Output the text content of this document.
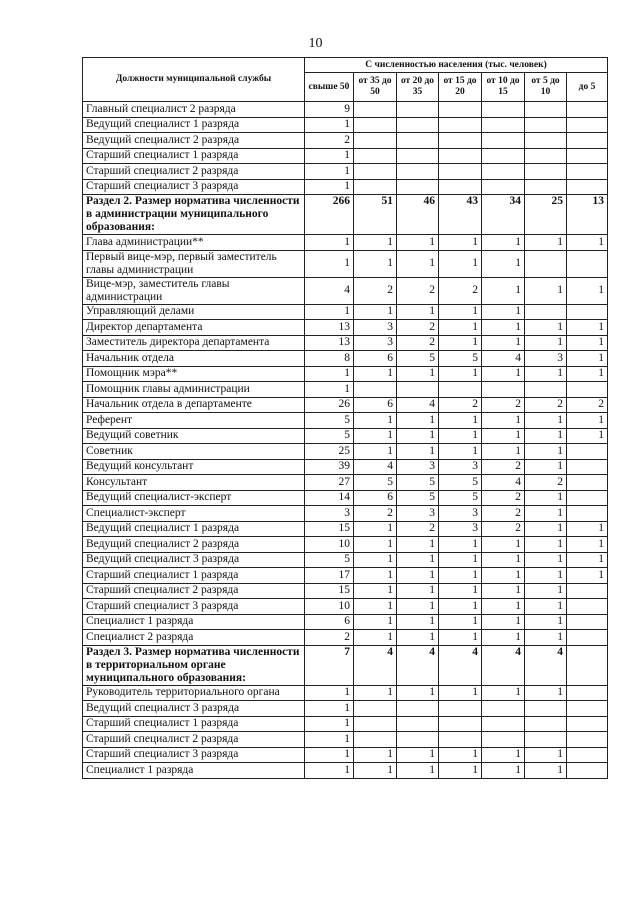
10
Должности муниципальной службы	С численностью населения (тыс. человек)						
	свыше 50	от 35 до 50	от 20 до 35	от 15 до 20	от 10 до 15	от 5 до 10	до 5
Главный специалист 2 разряда	9						
Ведущий специалист 1 разряда	1						
Ведущий специалист 2 разряда	2						
Старший специалист 1 разряда	1						
Старший специалист 2 разряда	1						
Старший специалист 3 разряда	1						
Раздел 2. Размер норматива численности в администрации муниципального образования:	266	51	46	43	34	25	13
Глава администрации**	1	1	1	1	1	1	1
Первый вице-мэр, первый заместитель главы администрации	1	1	1	1	1		
Вице-мэр, заместитель главы администрации	4	2	2	2	1	1	1
Управляющий делами	1	1	1	1	1		
Директор департамента	13	3	2	1	1	1	1
Заместитель директора департамента	13	3	2	1	1	1	1
Начальник отдела	8	6	5	5	4	3	1
Помощник мэра**	1	1	1	1	1	1	1
Помощник главы администрации	1						
Начальник отдела в департаменте	26	6	4	2	2	2	2
Референт	5	1	1	1	1	1	1
Ведущий советник	5	1	1	1	1	1	1
Советник	25	1	1	1	1	1	
Ведущий консультант	39	4	3	3	2	1	
Консультант	27	5	5	5	4	2	
Ведущий специалист-эксперт	14	6	5	5	2	1	
Специалист-эксперт	3	2	3	3	2	1	
Ведущий специалист 1 разряда	15	1	2	3	2	1	1
Ведущий специалист 2 разряда	10	1	1	1	1	1	1
Ведущий специалист 3 разряда	5	1	1	1	1	1	1
Старший специалист 1 разряда	17	1	1	1	1	1	1
Старший специалист 2 разряда	15	1	1	1	1	1	
Старший специалист 3 разряда	10	1	1	1	1	1	
Специалист 1 разряда	6	1	1	1	1	1	
Специалист 2 разряда	2	1	1	1	1	1	
Раздел 3. Размер норматива численности в территориальном органе муниципального образования:	7	4	4	4	4	4	
Руководитель территориального органа	1	1	1	1	1	1	
Ведущий специалист 3 разряда	1						
Старший специалист 1 разряда	1						
Старший специалист 2 разряда	1						
Старший специалист 3 разряда	1	1	1	1	1	1	
Специалист 1 разряда	1	1	1	1	1	1	
